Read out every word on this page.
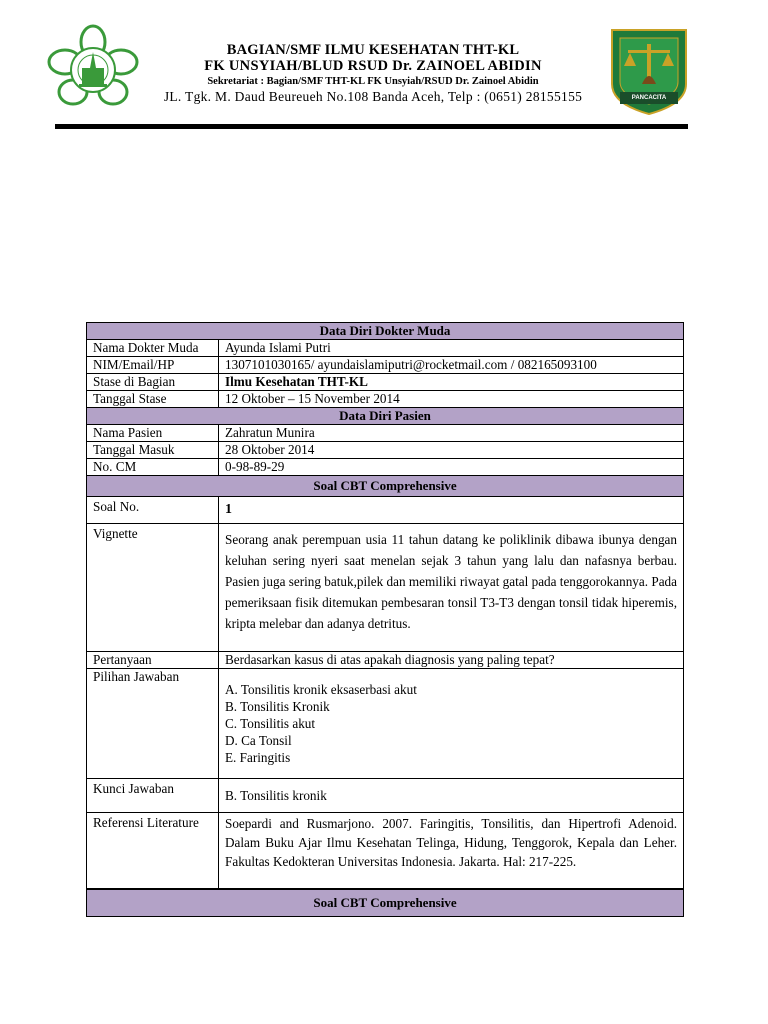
BAGIAN/SMF ILMU KESEHATAN THT-KL
FK UNSYIAH/BLUD RSUD Dr. ZAINOEL ABIDIN
Sekretariat : Bagian/SMF THT-KL FK Unsyiah/RSUD Dr. Zainoel Abidin
JL. Tgk. M. Daud Beureueh No.108 Banda Aceh, Telp : (0651) 28155155	PANCACITA
Data Diri Dokter Muda	
Nama Dokter Muda	Ayunda Islami Putri
NIM/Email/HP	1307101030165/ ayundaislamiputri@rocketmail.com / 082165093100
Stase di Bagian	Ilmu Kesehatan THT-KL
Tanggal Stase	12 Oktober – 15 November 2014
Data Diri Pasien	
Nama Pasien	Zahratun Munira
Tanggal Masuk	28 Oktober 2014
No. CM	0-98-89-29
Soal CBT Comprehensive	
Soal No.	1
Vignette	Seorang anak perempuan usia 11 tahun datang ke poliklinik dibawa ibunya dengan keluhan sering nyeri saat menelan sejak 3 tahun yang lalu dan nafasnya berbau. Pasien juga sering batuk,pilek dan memiliki riwayat gatal pada tenggorokannya. Pada pemeriksaan fisik ditemukan pembesaran tonsil T3-T3 dengan tonsil tidak hiperemis, kripta melebar dan adanya detritus.
Pertanyaan	Berdasarkan kasus di atas apakah diagnosis yang paling tepat?
Pilihan Jawaban	A. Tonsilitis kronik eksaserbasi akut
B. Tonsilitis Kronik
C. Tonsilitis akut
D. Ca Tonsil
E. Faringitis

Kunci Jawaban	B. Tonsilitis kronik
Referensi Literature	Soepardi and Rusmarjono. 2007. Faringitis, Tonsilitis, dan Hipertrofi Adenoid. Dalam Buku Ajar Ilmu Kesehatan Telinga, Hidung, Tenggorok, Kepala dan Leher. Fakultas Kedokteran Universitas Indonesia. Jakarta. Hal: 217-225.
Soal CBT Comprehensive	
